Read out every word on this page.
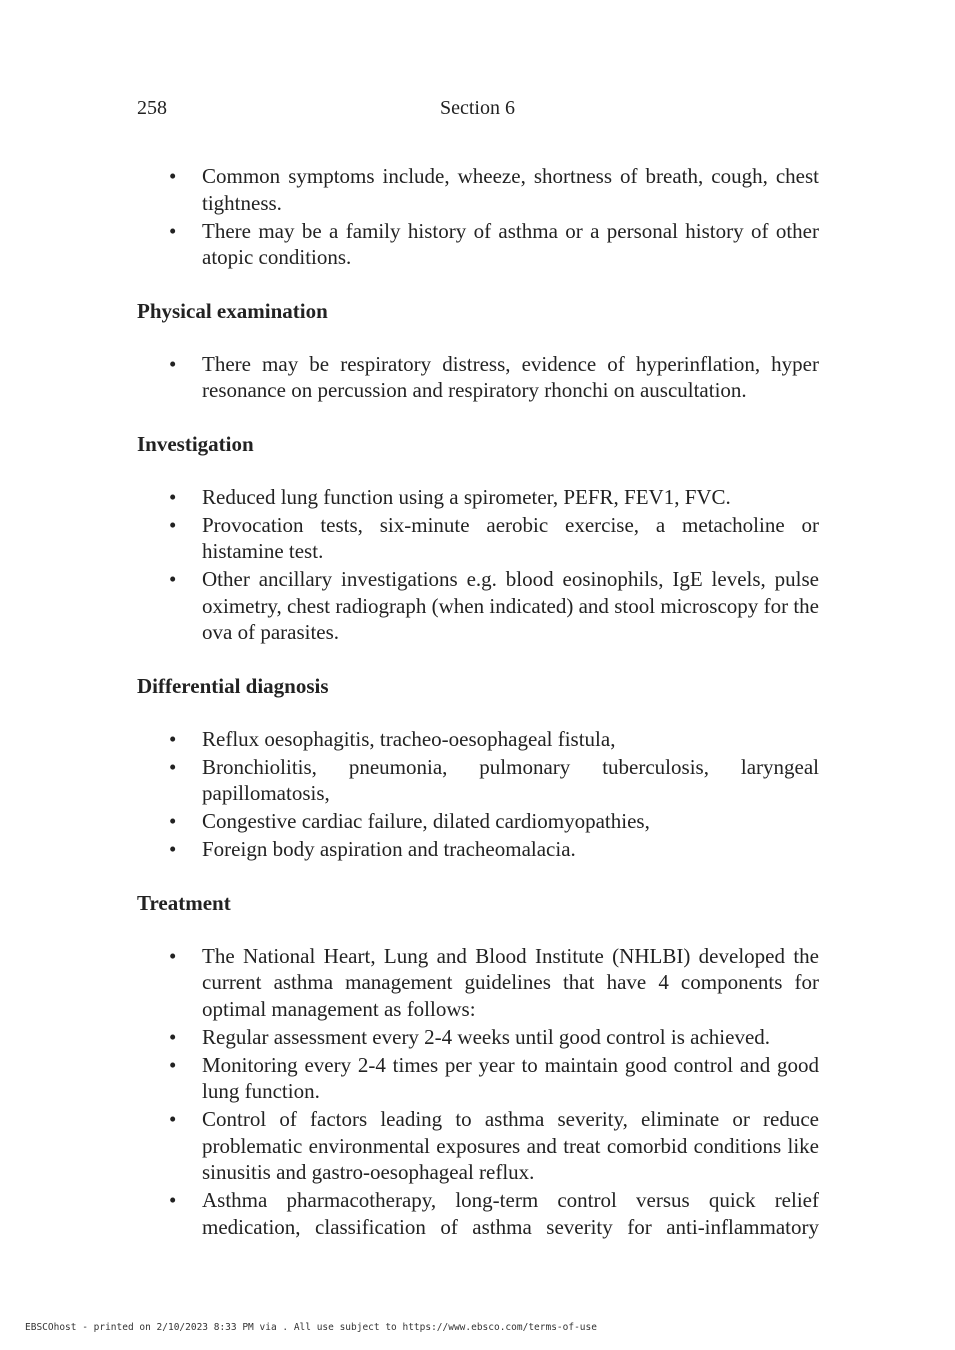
258	Section 6
• Common symptoms include, wheeze, shortness of breath, cough, chest tightness.
• There may be a family history of asthma or a personal history of other atopic conditions.
Physical examination
• There may be respiratory distress, evidence of hyperinflation, hyper resonance on percussion and respiratory rhonchi on auscultation.
Investigation
• Reduced lung function using a spirometer, PEFR, FEV1, FVC.
• Provocation tests, six-minute aerobic exercise, a metacholine or histamine test.
• Other ancillary investigations e.g. blood eosinophils, IgE levels, pulse oximetry, chest radiograph (when indicated) and stool microscopy for the ova of parasites.
Differential diagnosis
• Reflux oesophagitis, tracheo-oesophageal fistula,
• Bronchiolitis, pneumonia, pulmonary tuberculosis, laryngeal papillomatosis,
• Congestive cardiac failure, dilated cardiomyopathies,
• Foreign body aspiration and tracheomalacia.
Treatment
• The National Heart, Lung and Blood Institute (NHLBI) developed the current asthma management guidelines that have 4 components for optimal management as follows:
• Regular assessment every 2-4 weeks until good control is achieved.
• Monitoring every 2-4 times per year to maintain good control and good lung function.
• Control of factors leading to asthma severity, eliminate or reduce problematic environmental exposures and treat comorbid conditions like sinusitis and gastro-oesophageal reflux.
• Asthma pharmacotherapy, long-term control versus quick relief medication, classification of asthma severity for anti-inflammatory
EBSCOhost - printed on 2/10/2023 8:33 PM via . All use subject to https://www.ebsco.com/terms-of-use
